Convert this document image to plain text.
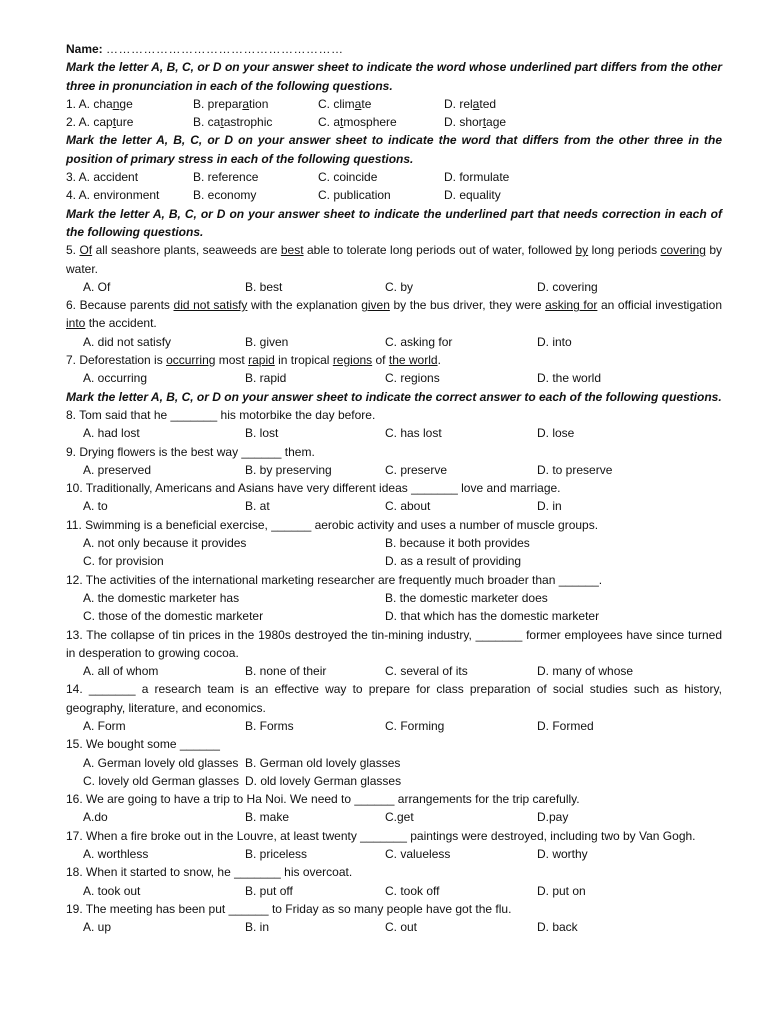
Name: …………………………………………………
Mark the letter A, B, C, or D on your answer sheet to indicate the word whose underlined part differs from the other three in pronunciation in each of the following questions.
1. A. change	B. preparation	C. climate	D. related
2. A. capture	B. catastrophic	C. atmosphere	D. shortage
Mark the letter A, B, C, or D on your answer sheet to indicate the word that differs from the other three in the position of primary stress in each of the following questions.
3. A. accident	B. reference	C. coincide	D. formulate
4. A. environment	B. economy	C. publication	D. equality
Mark the letter A, B, C, or D on your answer sheet to indicate the underlined part that needs correction in each of the following questions.
5. Of all seashore plants, seaweeds are best able to tolerate long periods out of water, followed by long periods covering by water.
A. Of	B. best	C. by	D. covering
6. Because parents did not satisfy with the explanation given by the bus driver, they were asking for an official investigation into the accident.
A. did not satisfy	B. given	C. asking for	D. into
7. Deforestation is occurring most rapid in tropical regions of the world.
A. occurring	B. rapid	C. regions	D. the world
Mark the letter A, B, C, or D on your answer sheet to indicate the correct answer to each of the following questions.
8. Tom said that he _______ his motorbike the day before.
A. had lost	B. lost	C. has lost	D. lose
9. Drying flowers is the best way ______ them.
A. preserved	B. by preserving	C. preserve	D. to preserve
10. Traditionally, Americans and Asians have very different ideas _______ love and marriage.
A. to	B. at	C. about	D. in
11. Swimming is a beneficial exercise, ______ aerobic activity and uses a number of muscle groups.
A. not only because it provides	B. because it both provides
C. for provision	D. as a result of providing
12. The activities of the international marketing researcher are frequently much broader than ______.
A. the domestic marketer has	B. the domestic marketer does
C. those of the domestic marketer	D. that which has the domestic marketer
13. The collapse of tin prices in the 1980s destroyed the tin-mining industry, _______ former employees have since turned in desperation to growing cocoa.
A. all of whom	B. none of their	C. several of its	D. many of whose
14. _______ a research team is an effective way to prepare for class preparation of social studies such as history, geography, literature, and economics.
A. Form	B. Forms	C. Forming	D. Formed
15. We bought some ______
A. German lovely old glasses B. German old lovely glasses
C. lovely old German glasses D. old lovely German glasses
16. We are going to have a trip to Ha Noi. We need to ______ arrangements for the trip carefully.
A.do	B. make	C.get	D.pay
17. When a fire broke out in the Louvre, at least twenty _______ paintings were destroyed, including two by Van Gogh.
A. worthless	B. priceless	C. valueless	D. worthy
18. When it started to snow, he _______ his overcoat.
A. took out	B. put off	C. took off	D. put on
19. The meeting has been put ______ to Friday as so many people have got the flu.
A. up	B. in	C. out	D. back
